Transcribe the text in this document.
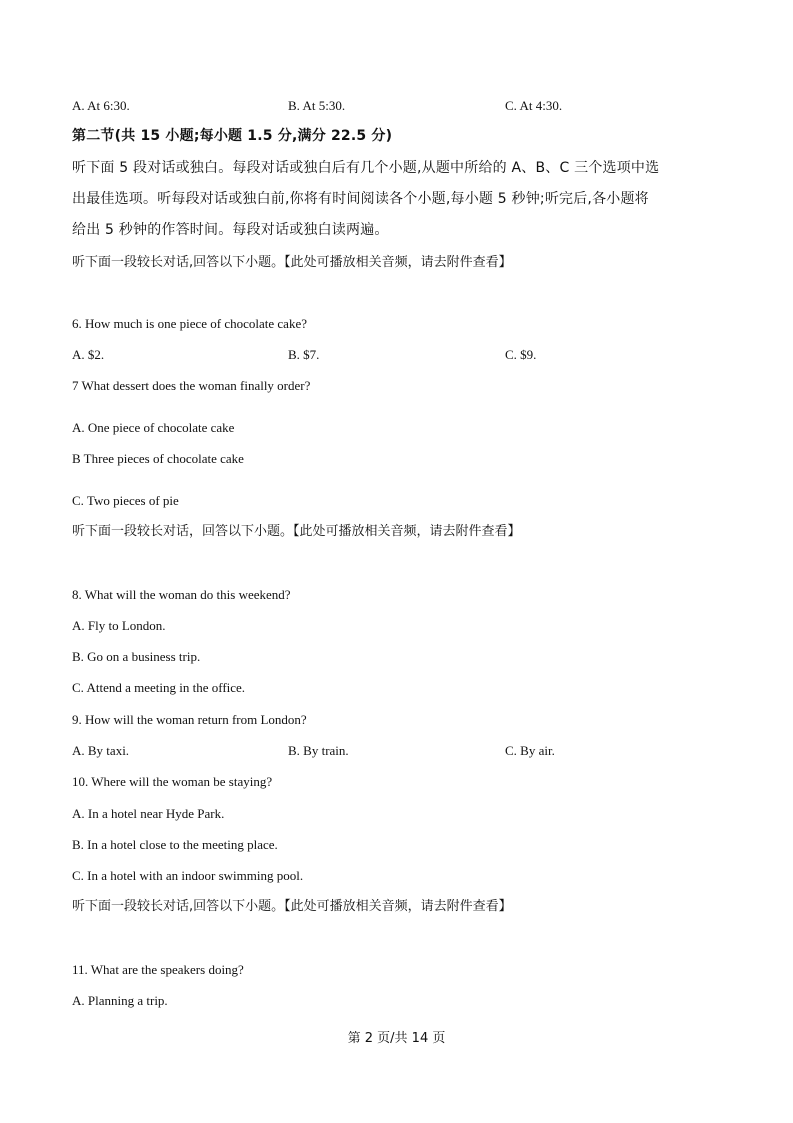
A. At 6:30.	B. At 5:30.	C. At 4:30.
第二节(共 15 小题;每小题 1.5 分,满分 22.5 分)
听下面 5 段对话或独白。每段对话或独白后有几个小题,从题中所给的 A、B、C 三个选项中选
出最佳选项。听每段对话或独白前,你将有时间阅读各个小题,每小题 5 秒钟;听完后,各小题将
给出 5 秒钟的作答时间。每段对话或独白读两遍。
听下面一段较长对话,回答以下小题。【此处可播放相关音频，请去附件查看】
6. How much is one piece of chocolate cake?
A. $2.	B. $7.	C. $9.
7 What dessert does the woman finally order?
A. One piece of chocolate cake
B Three pieces of chocolate cake
C. Two pieces of pie
听下面一段较长对话，回答以下小题。【此处可播放相关音频，请去附件查看】
8. What will the woman do this weekend?
A. Fly to London.
B. Go on a business trip.
C. Attend a meeting in the office.
9. How will the woman return from London?
A. By taxi.	B. By train.	C. By air.
10. Where will the woman be staying?
A. In a hotel near Hyde Park.
B. In a hotel close to the meeting place.
C. In a hotel with an indoor swimming pool.
听下面一段较长对话,回答以下小题。【此处可播放相关音频，请去附件查看】
11. What are the speakers doing?
A. Planning a trip.
第 2 页/共 14 页
